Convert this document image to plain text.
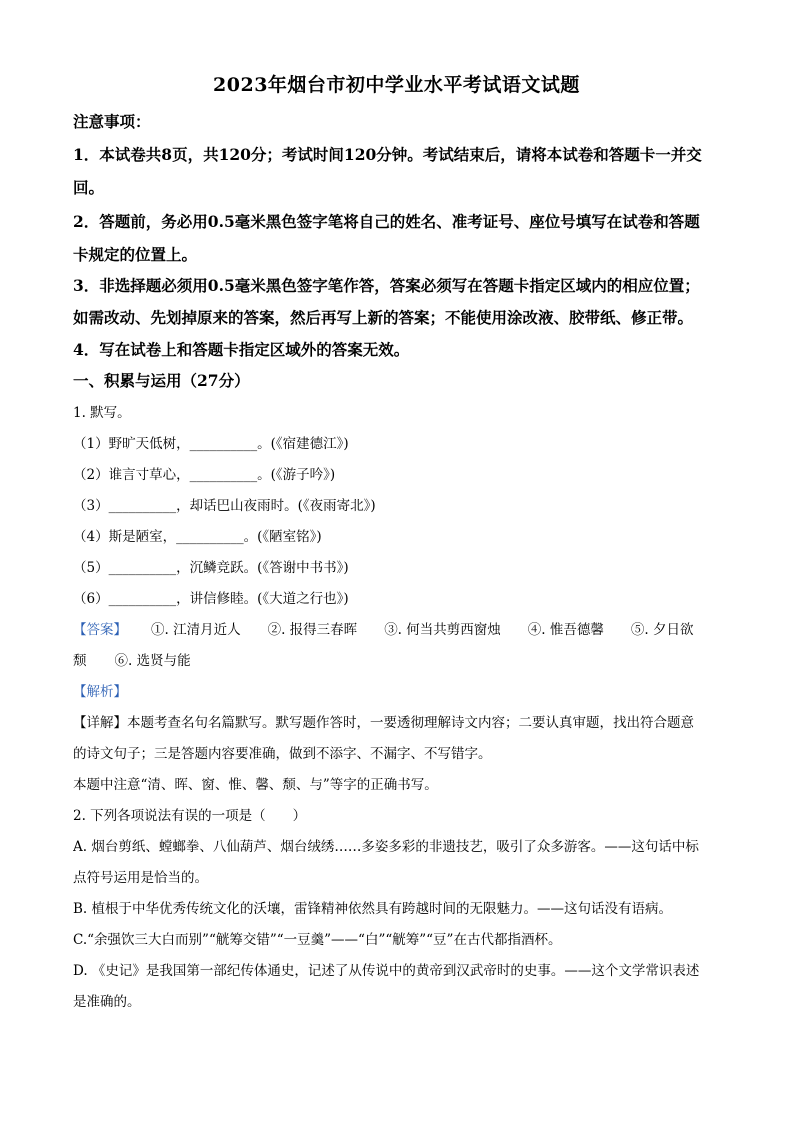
2023年烟台市初中学业水平考试语文试题
注意事项：
1．本试卷共8页，共120分；考试时间120分钟。考试结束后，请将本试卷和答题卡一并交
回。
2．答题前，务必用0.5毫米黑色签字笔将自己的姓名、准考证号、座位号填写在试卷和答题
卡规定的位置上。
3．非选择题必须用0.5毫米黑色签字笔作答，答案必须写在答题卡指定区域内的相应位置；
如需改动、先划掉原来的答案，然后再写上新的答案；不能使用涂改液、胶带纸、修正带。
4．写在试卷上和答题卡指定区域外的答案无效。
一、积累与运用（27分）
1. 默写。
（1）野旷天低树，__________。(《宿建德江》)
（2）谁言寸草心，__________。(《游子吟》)
（3）__________，却话巴山夜雨时。(《夜雨寄北》)
（4）斯是陋室，__________。(《陋室铭》)
（5）__________，沉鳞竞跃。(《答谢中书书》)
（6）__________，讲信修睦。(《大道之行也》)
【答案】 ①. 江清月近人 ②. 报得三春晖 ③. 何当共剪西窗烛 ④. 惟吾德馨 ⑤. 夕日欲
颓 ⑥. 选贤与能
【解析】
【详解】本题考查名句名篇默写。默写题作答时，一要透彻理解诗文内容；二要认真审题，找出符合题意
的诗文句子；三是答题内容要准确，做到不添字、不漏字、不写错字。
本题中注意“清、晖、窗、惟、馨、颓、与”等字的正确书写。
2. 下列各项说法有误的一项是（　　）
A. 烟台剪纸、螳螂拳、八仙葫芦、烟台绒绣……多姿多彩的非遗技艺，吸引了众多游客。——这句话中标
点符号运用是恰当的。
B. 植根于中华优秀传统文化的沃壤，雷锋精神依然具有跨越时间的无限魅力。——这句话没有语病。
C.“余强饮三大白而别”“觥筹交错”“一豆羹”——“白”“觥筹”“豆”在古代都指酒杯。
D. 《史记》是我国第一部纪传体通史，记述了从传说中的黄帝到汉武帝时的史事。——这个文学常识表述
是准确的。
